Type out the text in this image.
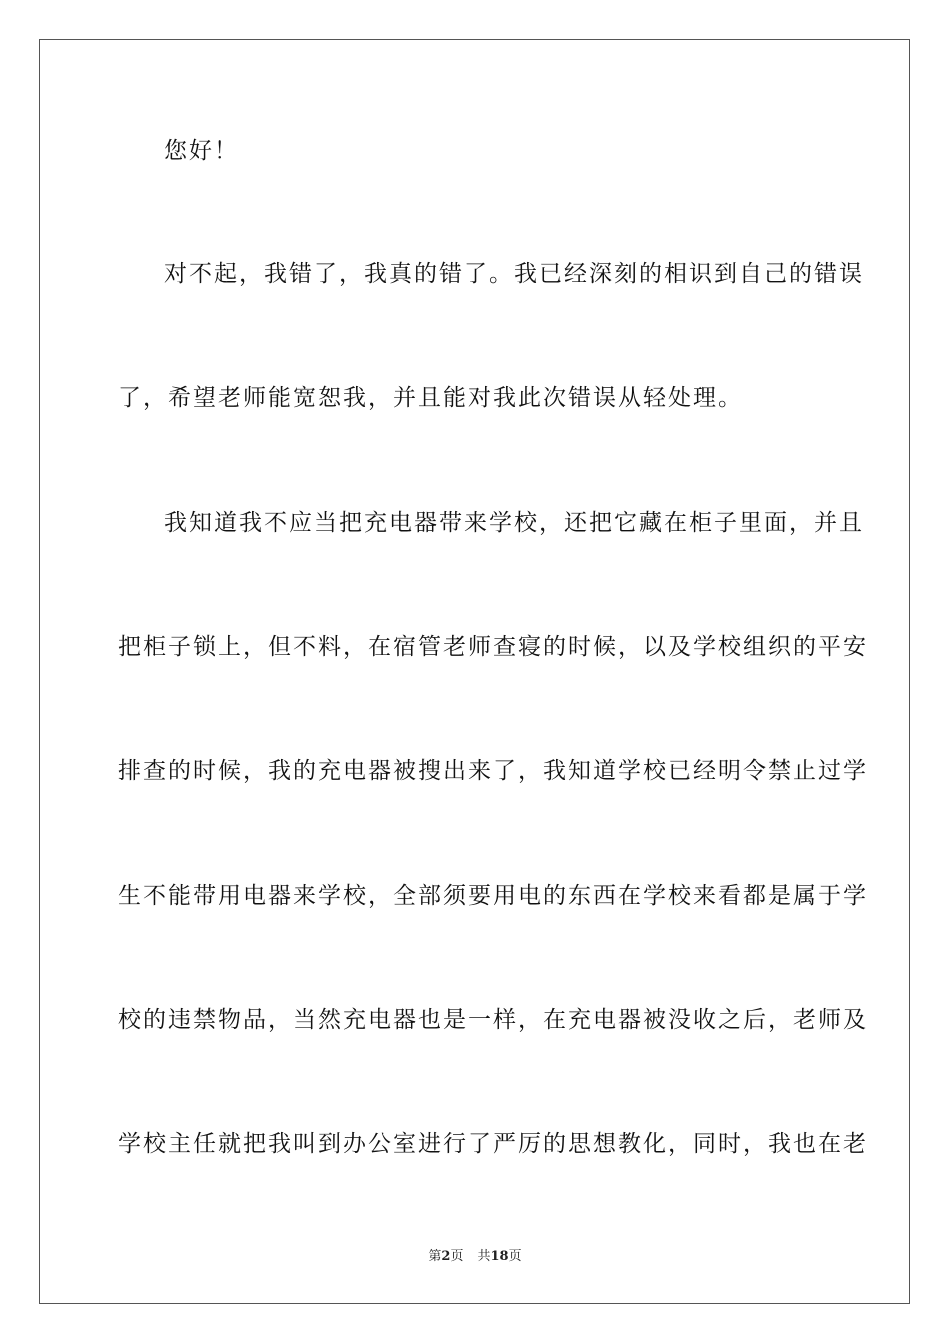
您好！
对不起，我错了，我真的错了。我已经深刻的相识到自己的错误
了，希望老师能宽恕我，并且能对我此次错误从轻处理。
我知道我不应当把充电器带来学校，还把它藏在柜子里面，并且
把柜子锁上，但不料，在宿管老师查寝的时候，以及学校组织的平安
排查的时候，我的充电器被搜出来了，我知道学校已经明令禁止过学
生不能带用电器来学校，全部须要用电的东西在学校来看都是属于学
校的违禁物品，当然充电器也是一样，在充电器被没收之后，老师及
学校主任就把我叫到办公室进行了严厉的思想教化，同时，我也在老
第2页 共18页
